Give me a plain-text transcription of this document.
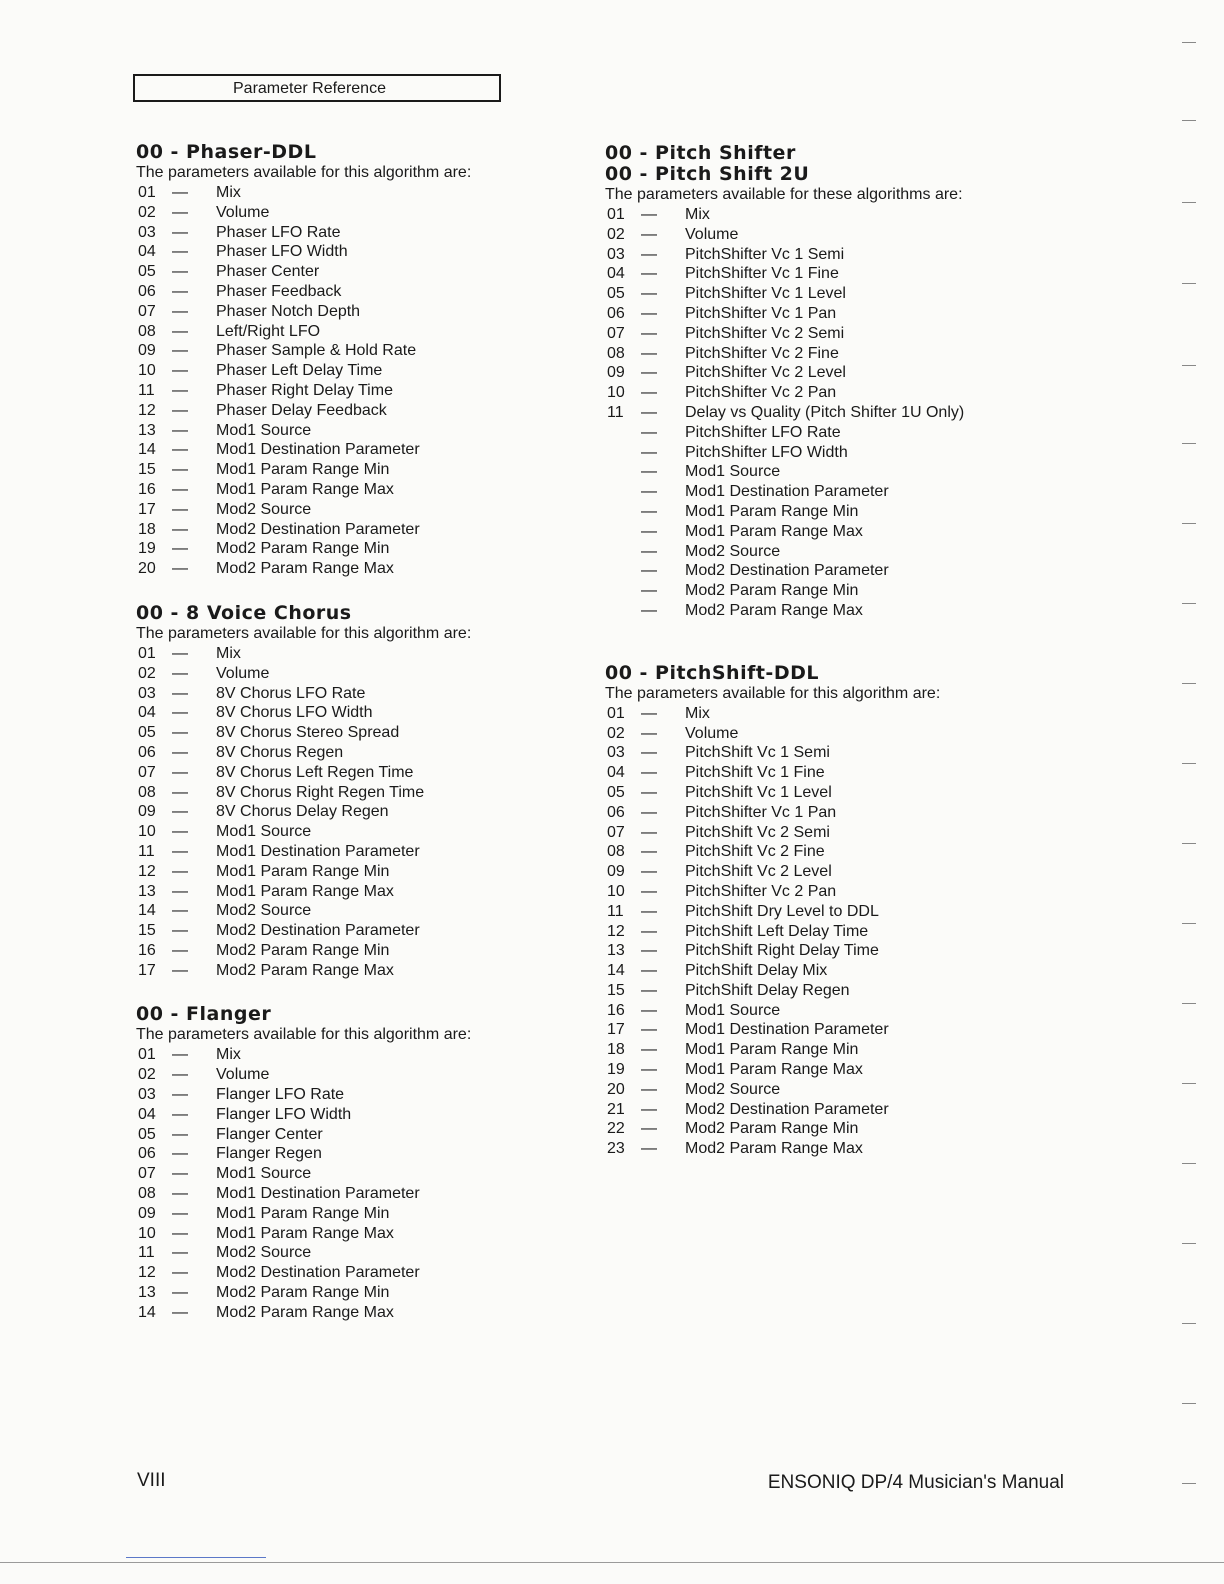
Parameter Reference
00 - Phaser-DDL
The parameters available for this algorithm are:
01	— Mix
02	— Volume
03	— Phaser LFO Rate
04	— Phaser LFO Width
05	— Phaser Center
06	— Phaser Feedback
07	— Phaser Notch Depth
08	— Left/Right LFO
09	— Phaser Sample & Hold Rate
10	— Phaser Left Delay Time
11	— Phaser Right Delay Time
12	— Phaser Delay Feedback
13	— Mod1 Source
14	— Mod1 Destination Parameter
15	— Mod1 Param Range Min
16	— Mod1 Param Range Max
17	— Mod2 Source
18	— Mod2 Destination Parameter
19	— Mod2 Param Range Min
20	— Mod2 Param Range Max
00 - 8 Voice Chorus
The parameters available for this algorithm are:
01	— Mix
02	— Volume
03	— 8V Chorus LFO Rate
04	— 8V Chorus LFO Width
05	— 8V Chorus Stereo Spread
06	— 8V Chorus Regen
07	— 8V Chorus Left Regen Time
08	— 8V Chorus Right Regen Time
09	— 8V Chorus Delay Regen
10	— Mod1 Source
11	— Mod1 Destination Parameter
12	— Mod1 Param Range Min
13	— Mod1 Param Range Max
14	— Mod2 Source
15	— Mod2 Destination Parameter
16	— Mod2 Param Range Min
17	— Mod2 Param Range Max
00 - Flanger
The parameters available for this algorithm are:
01	— Mix
02	— Volume
03	— Flanger LFO Rate
04	— Flanger LFO Width
05	— Flanger Center
06	— Flanger Regen
07	— Mod1 Source
08	— Mod1 Destination Parameter
09	— Mod1 Param Range Min
10	— Mod1 Param Range Max
11	— Mod2 Source
12	— Mod2 Destination Parameter
13	— Mod2 Param Range Min
14	— Mod2 Param Range Max
00 - Pitch Shifter
00 - Pitch Shift 2U
The parameters available for these algorithms are:
01	— Mix
02	— Volume
03	— PitchShifter Vc 1 Semi
04	— PitchShifter Vc 1 Fine
05	— PitchShifter Vc 1 Level
06	— PitchShifter Vc 1 Pan
07	— PitchShifter Vc 2 Semi
08	— PitchShifter Vc 2 Fine
09	— PitchShifter Vc 2 Level
10	— PitchShifter Vc 2 Pan
11	— Delay vs Quality (Pitch Shifter 1U Only)
— PitchShifter LFO Rate
— PitchShifter LFO Width
— Mod1 Source
— Mod1 Destination Parameter
— Mod1 Param Range Min
— Mod1 Param Range Max
— Mod2 Source
— Mod2 Destination Parameter
— Mod2 Param Range Min
— Mod2 Param Range Max
00 - PitchShift-DDL
The parameters available for this algorithm are:
01	— Mix
02	— Volume
03	— PitchShift Vc 1 Semi
04	— PitchShift Vc 1 Fine
05	— PitchShift Vc 1 Level
06	— PitchShifter Vc 1 Pan
07	— PitchShift Vc 2 Semi
08	— PitchShift Vc 2 Fine
09	— PitchShift Vc 2 Level
10	— PitchShifter Vc 2 Pan
11	— PitchShift Dry Level to DDL
12	— PitchShift Left Delay Time
13	— PitchShift Right Delay Time
14	— PitchShift Delay Mix
15	— PitchShift Delay Regen
16	— Mod1 Source
17	— Mod1 Destination Parameter
18	— Mod1 Param Range Min
19	— Mod1 Param Range Max
20	— Mod2 Source
21	— Mod2 Destination Parameter
22	— Mod2 Param Range Min
23	— Mod2 Param Range Max
VIII	ENSONIQ DP/4 Musician's Manual
